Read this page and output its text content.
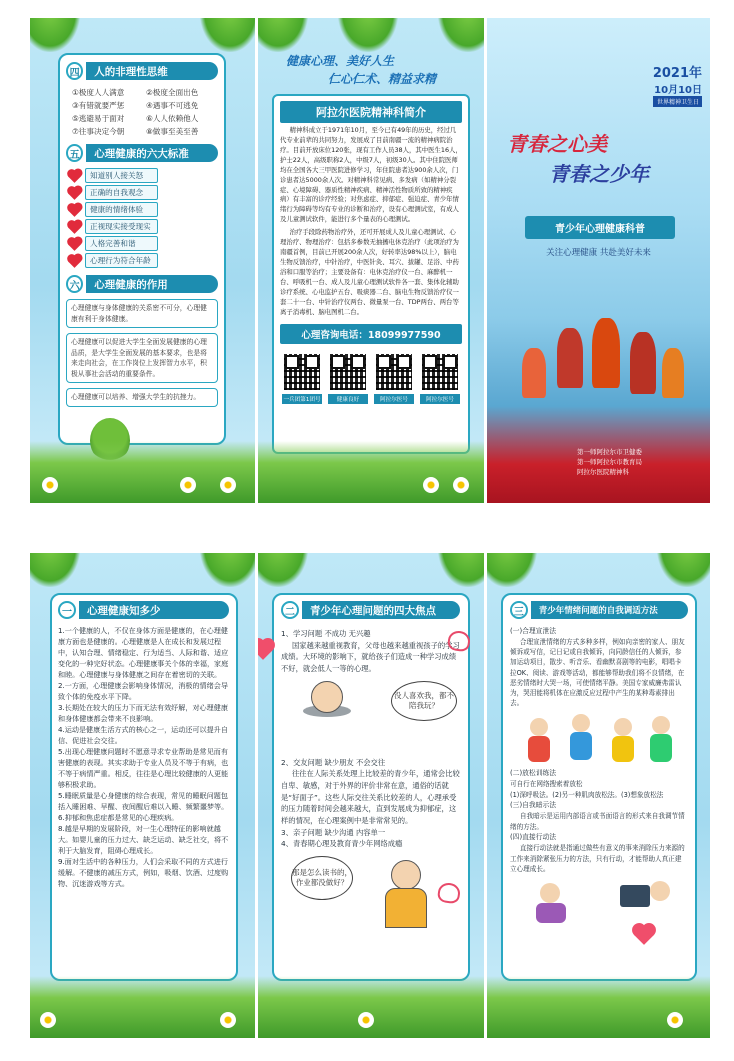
四	人的非理性思维
①极度人人满意	②极度全面出色
③有错就要严惩	④遇事不可逃免
⑤逃避易于面对	⑥人人依赖他人
⑦往事决定今朝	⑧做事至美至善
五	心理健康的六大标准
知道别人接关怒
正确的自我观念
健康的情绪体验
正视现实接受现实
人格完善和谐
心理行为符合年龄
六	心理健康的作用
心理健康与身体健康的关系密不可分，心理健康有利于身体健康。
心理健康可以促进大学生全面发展健康的心理品质，是大学生全面发展的基本要求，也是将来走向社会，在工作岗位上发挥智力水平，积极从事社会活动的重要条件。
心理健康可以培养、增强大学生的抗挫力。
健康心理、美好人生
仁心仁术、精益求精
阿拉尔医院精神科简介

精神科成立于1971年10月，至今已有49年的历史，经过几代专业前辈的共同努力，发展成了目前南疆一流的精神病院治疗。目前开放床位120张，现有工作人员38人，其中医生16人，护士22人，高级职称2人，中级7人，初级30人。其中住院医师均在全国各大三甲医院进修学习，年住院患者达900余人次，门诊患者达5000余人次。对精神科常见病、多发病（如精神分裂症、心境障碍、器质性精神疾病、精神活性物质所致的精神疾病）有丰富的诊疗经验；对焦虑症、抑郁症、强迫症、青少年情绪行为障碍等均有专业的诊断和治疗，设有心理测试室，有成人及儿童测试软件，能进行多个量表的心理测试。

治疗手段除药物治疗外，还可开展成人及儿童心理测试、心理治疗、物理治疗：包括多参数无抽搐电休克治疗（此项治疗为南疆首例，目前已开展200余人次，好转率达98%以上），脑电生物反馈治疗，中针治疗，中医针灸、耳穴、拔罐、足浴、中药浴和口服等治疗；主要设备有：电休克治疗仪一台、麻醉机一台、呼吸机一台、成人及儿童心理测试软件各一套、集体化辅助诊疗系统、心电监护五台、吸痰器二台、脑电生物反馈治疗仪一套二十一台、中针治疗仪两台、微量泵一台、TDP两台、两台等离子消毒机、脑电图机二台。

心理咨询电话：18099977590
一兵团第1团号	健康良好	阿拉尔医号	阿拉尔医号
2021年
10月10日
世界精神卫生日
青春之心美
青春之少年
青少年心理健康科普
关注心理健康 共赴美好未来
第一师阿拉尔市卫健委
第一师阿拉尔市教育局
阿拉尔医院精神科
一	心理健康知多少

1.一个健康的人，不仅在身体方面是健康的，在心理健康方面也是健康的。心理健康是人在成长和发展过程中，认知合理、情绪稳定、行为适当、人际和谐、适应变化的一种完好状态。心理健康事关个体的幸福，家庭和睦。心理健康与身体健康之间存在着密切的关联。

2.一方面，心理健康会影响身体情况，消极的情绪会导致个体的免疫水平下降。

3.长期处在较大的压力下而无法有效纾解，对心理健康和身体健康都会带来不良影响。

4.运动是健康生活方式的核心之一，运动还可以提升自信、促进社会交往。

5.出现心理健康问题时不愿意寻求专业帮助是常见而有害健康的表现。其实求助于专业人员及不等于有病，也不等于病情严重。相反，往往是心理比较健康的人更能够积极求助。

5.睡眠质量是心身健康的综合表现，常见的睡眠问题包括入睡困难、早醒、夜间醒后难以入睡、频繁噩梦等。

6.抑郁和焦虑症都是常见的心理疾病。

8.越是早期的发展阶段，对一生心理特征的影响就越大。如婴儿童的压力过大、缺乏运动、缺乏社交，将不利于大脑发育，阻碍心理成长。

9.面对生活中的各种压力，人们会采取不同的方式进行缓解。不健康的减压方式，例如，吸烟、饮酒、过度购物、沉迷游戏等方式。

二	青少年心理问题的四大焦点
1、学习问题 不成功 无兴趣
国家越来越重视教育，父母也越来越重视孩子的学习成绩。大环境的影响下，就给孩子们造成一种学习成绩不好，就会低人一等的心理。
没人喜欢我，都不陪我玩？
2、交友问题 缺少朋友 不会交往
往往在人际关系处理上比较差的青少年，通常会比较自卑、敏感，对于外界的评价非常在意，通俗的话就是“好面子”。这些人际交往关系比较差的人，心理承受的压力随着时间会越来越大，直到发展成为抑郁症，这样的情况，在心理案例中是非常常见的。
3、亲子问题 缺少沟通 内容单一
4、青春期心理及教育青少年网络成瘾
那是怎么读书的，作业都没做好？
三	青少年情绪问题的自我调适方法
(一)合理宣泄法
合理宣泄情绪的方式多种多样，例如向亲密的家人、朋友倾诉或写信，记日记或自我倾诉，向同龄信任的人倾诉，参加运动项目，散步、听音乐、看幽默喜剧等的电影，唱唱卡拉OK、阅读、游戏等活动，都能够帮助我们将不良情绪，在恶劣情绪时大哭一场，可使情绪平静。美国专家威廉弗雷认为，哭泪能将机体在应激反应过程中产生的某种毒素排出去。
(二)放松训练法
可自行在网络搜索着放松
(1)深呼吸法。(2)另一种肌肉放松法。(3)想象放松法
(三)自我暗示法
自我暗示是运用内部语言或书面语言的形式来自我调节情绪的方法。
(四)直接行动法
直接行动法就是指通过做些有意义的事来消除压力来源的工作来消除紧张压力的方法，只有行动，才能帮助人真正建立心理成长。
